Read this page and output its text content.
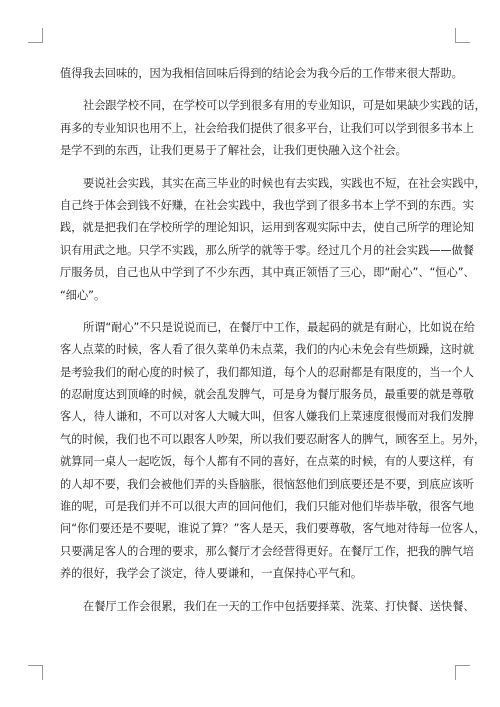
值得我去回味的，因为我相信回味后得到的结论会为我今后的工作带来很大帮助。
社会跟学校不同，在学校可以学到很多有用的专业知识，可是如果缺少实践的话，
再多的专业知识也用不上，社会给我们提供了很多平台，让我们可以学到很多书本上
是学不到的东西，让我们更易于了解社会，让我们更快融入这个社会。
要说社会实践，其实在高三毕业的时候也有去实践，实践也不短，在社会实践中，
自己终于体会到钱不好赚，在社会实践中，我也学到了很多书本上学不到的东西。实
践，就是把我们在学校所学的理论知识，运用到客观实际中去，使自己所学的理论知
识有用武之地。只学不实践，那么所学的就等于零。经过几个月的社会实践——做餐
厅服务员，自己也从中学到了不少东西，其中真正领悟了三心，即“耐心”、“恒心”、
“细心”。
所谓“耐心”不只是说说而已，在餐厅中工作，最起码的就是有耐心，比如说在给
客人点菜的时候，客人看了很久菜单仍未点菜，我们的内心未免会有些烦躁，这时就
是考验我们的耐心度的时候了，我们都知道，每个人的忍耐都是有限度的，当一个人
的忍耐度达到顶峰的时候，就会乱发脾气，可是身为餐厅服务员，最重要的就是尊敬
客人，待人谦和，不可以对客人大喊大叫，但客人嫌我们上菜速度很慢而对我们发脾
气的时候，我们也不可以跟客人吵架，所以我们要忍耐客人的脾气，顾客至上。另外，
就算同一桌人一起吃饭，每个人都有不同的喜好，在点菜的时候，有的人要这样，有
的人却不要，我们会被他们弄的头昏脑胀，很恼怒他们到底要还是不要，到底应该听
谁的呢，可是我们并不可以很大声的回问他们，我们只能对他们毕恭毕敬，很客气地
问“你们要还是不要呢，谁说了算？”客人是天，我们要尊敬，客气地对待每一位客人，
只要满足客人的合理的要求，那么餐厅才会经营得更好。在餐厅工作，把我的脾气培
养的很好，我学会了淡定，待人要谦和，一直保持心平气和。
在餐厅工作会很累，我们在一天的工作中包括要择菜、洗菜、打快餐、送快餐、
